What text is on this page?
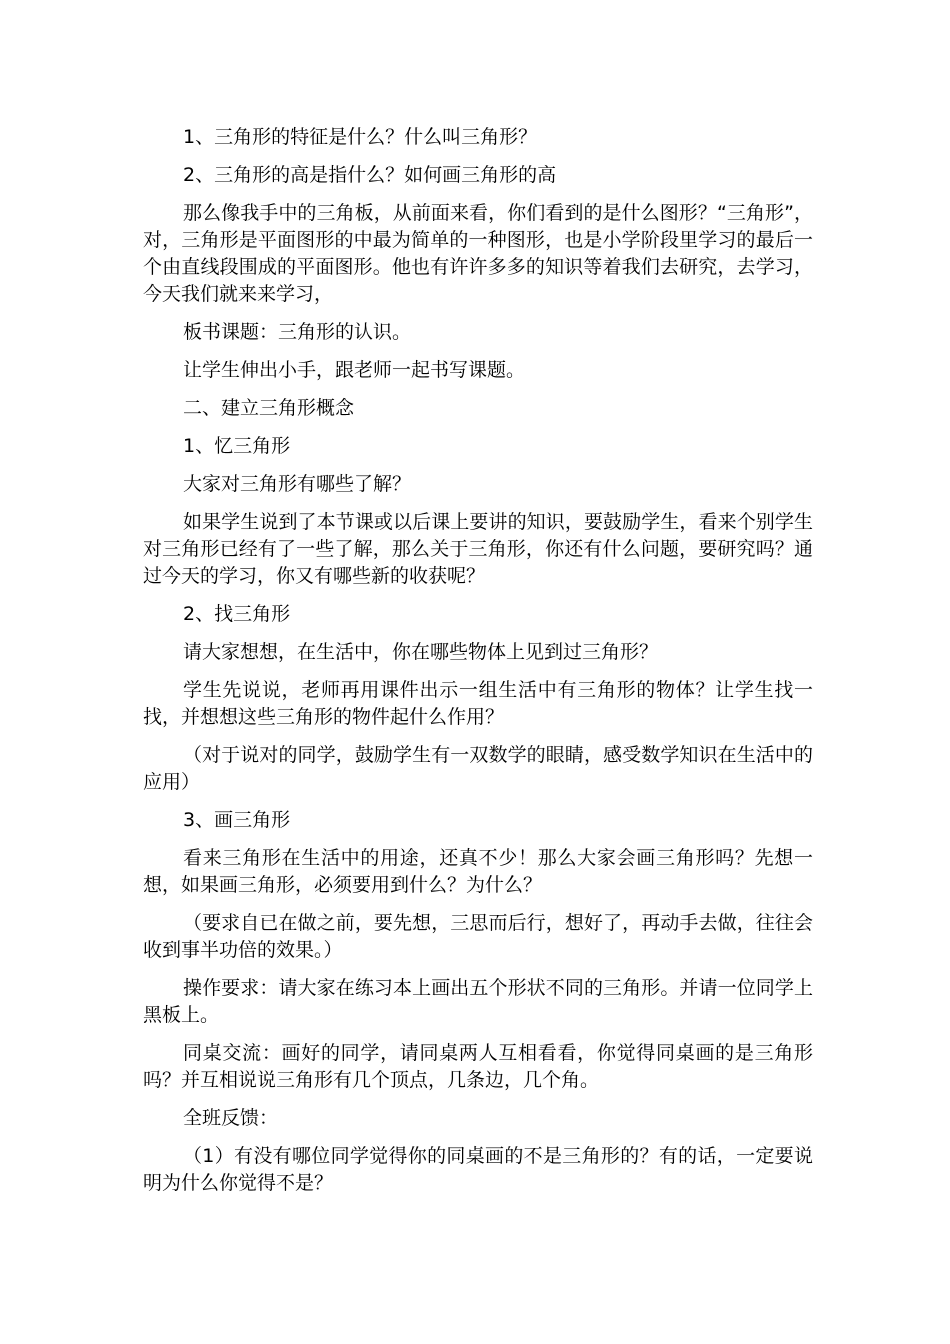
1、三角形的特征是什么？什么叫三角形？

2、三角形的高是指什么？如何画三角形的高

那么像我手中的三角板，从前面来看，你们看到的是什么图形？“三角形”，对，三角形是平面图形的中最为简单的一种图形，也是小学阶段里学习的最后一个由直线段围成的平面图形。他也有许许多多的知识等着我们去研究，去学习，今天我们就来来学习，

板书课题：三角形的认识。

让学生伸出小手，跟老师一起书写课题。

二、建立三角形概念

1、忆三角形

大家对三角形有哪些了解？

如果学生说到了本节课或以后课上要讲的知识，要鼓励学生，看来个别学生对三角形已经有了一些了解，那么关于三角形，你还有什么问题，要研究吗？通过今天的学习，你又有哪些新的收获呢？

2、找三角形

请大家想想，在生活中，你在哪些物体上见到过三角形？

学生先说说，老师再用课件出示一组生活中有三角形的物体？让学生找一找，并想想这些三角形的物件起什么作用？

（对于说对的同学，鼓励学生有一双数学的眼睛，感受数学知识在生活中的应用）

3、画三角形

看来三角形在生活中的用途，还真不少！那么大家会画三角形吗？先想一想，如果画三角形，必须要用到什么？为什么？

（要求自已在做之前，要先想，三思而后行，想好了，再动手去做，往往会收到事半功倍的效果。）

操作要求：请大家在练习本上画出五个形状不同的三角形。并请一位同学上黑板上。

同桌交流：画好的同学，请同桌两人互相看看，你觉得同桌画的是三角形吗？并互相说说三角形有几个顶点，几条边，几个角。

全班反馈：

（1）有没有哪位同学觉得你的同桌画的不是三角形的？有的话，一定要说明为什么你觉得不是？
